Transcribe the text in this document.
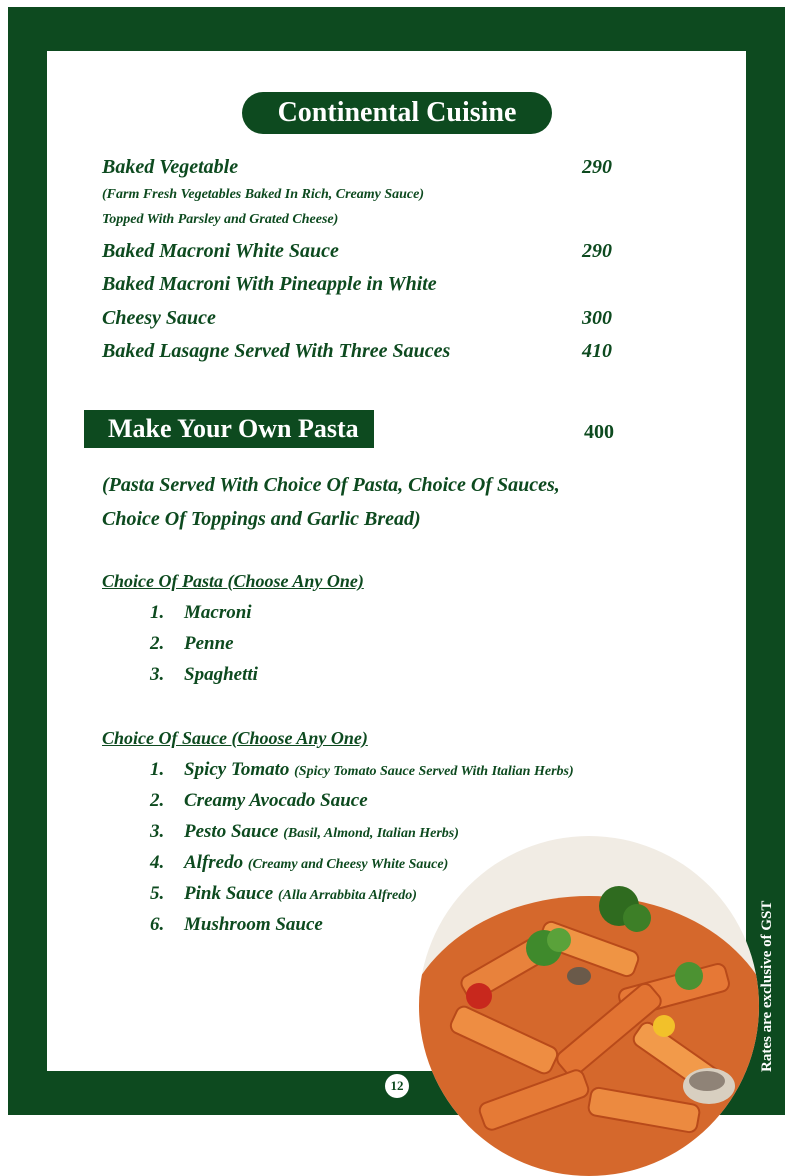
Continental Cuisine
Baked Vegetable	290
(Farm Fresh Vegetables Baked In Rich, Creamy Sauce)
Topped With Parsley and Grated Cheese)
Baked Macroni White Sauce	290
Baked Macroni With Pineapple in White
Cheesy Sauce	300
Baked Lasagne Served With Three Sauces	410
Make Your Own Pasta	400
(Pasta Served With Choice Of Pasta, Choice Of Sauces,
Choice Of Toppings and Garlic Bread)
Choice Of Pasta (Choose Any One)
1. Macroni
2. Penne
3. Spaghetti
Choice Of Sauce (Choose Any One)
1. Spicy Tomato (Spicy Tomato Sauce Served With Italian Herbs)
2. Creamy Avocado Sauce
3. Pesto Sauce (Basil, Almond, Italian Herbs)
4. Alfredo (Creamy and Cheesy White Sauce)
5. Pink Sauce (Alla Arrabbita Alfredo)
6. Mushroom Sauce	Rates are exclusive of GST
12
